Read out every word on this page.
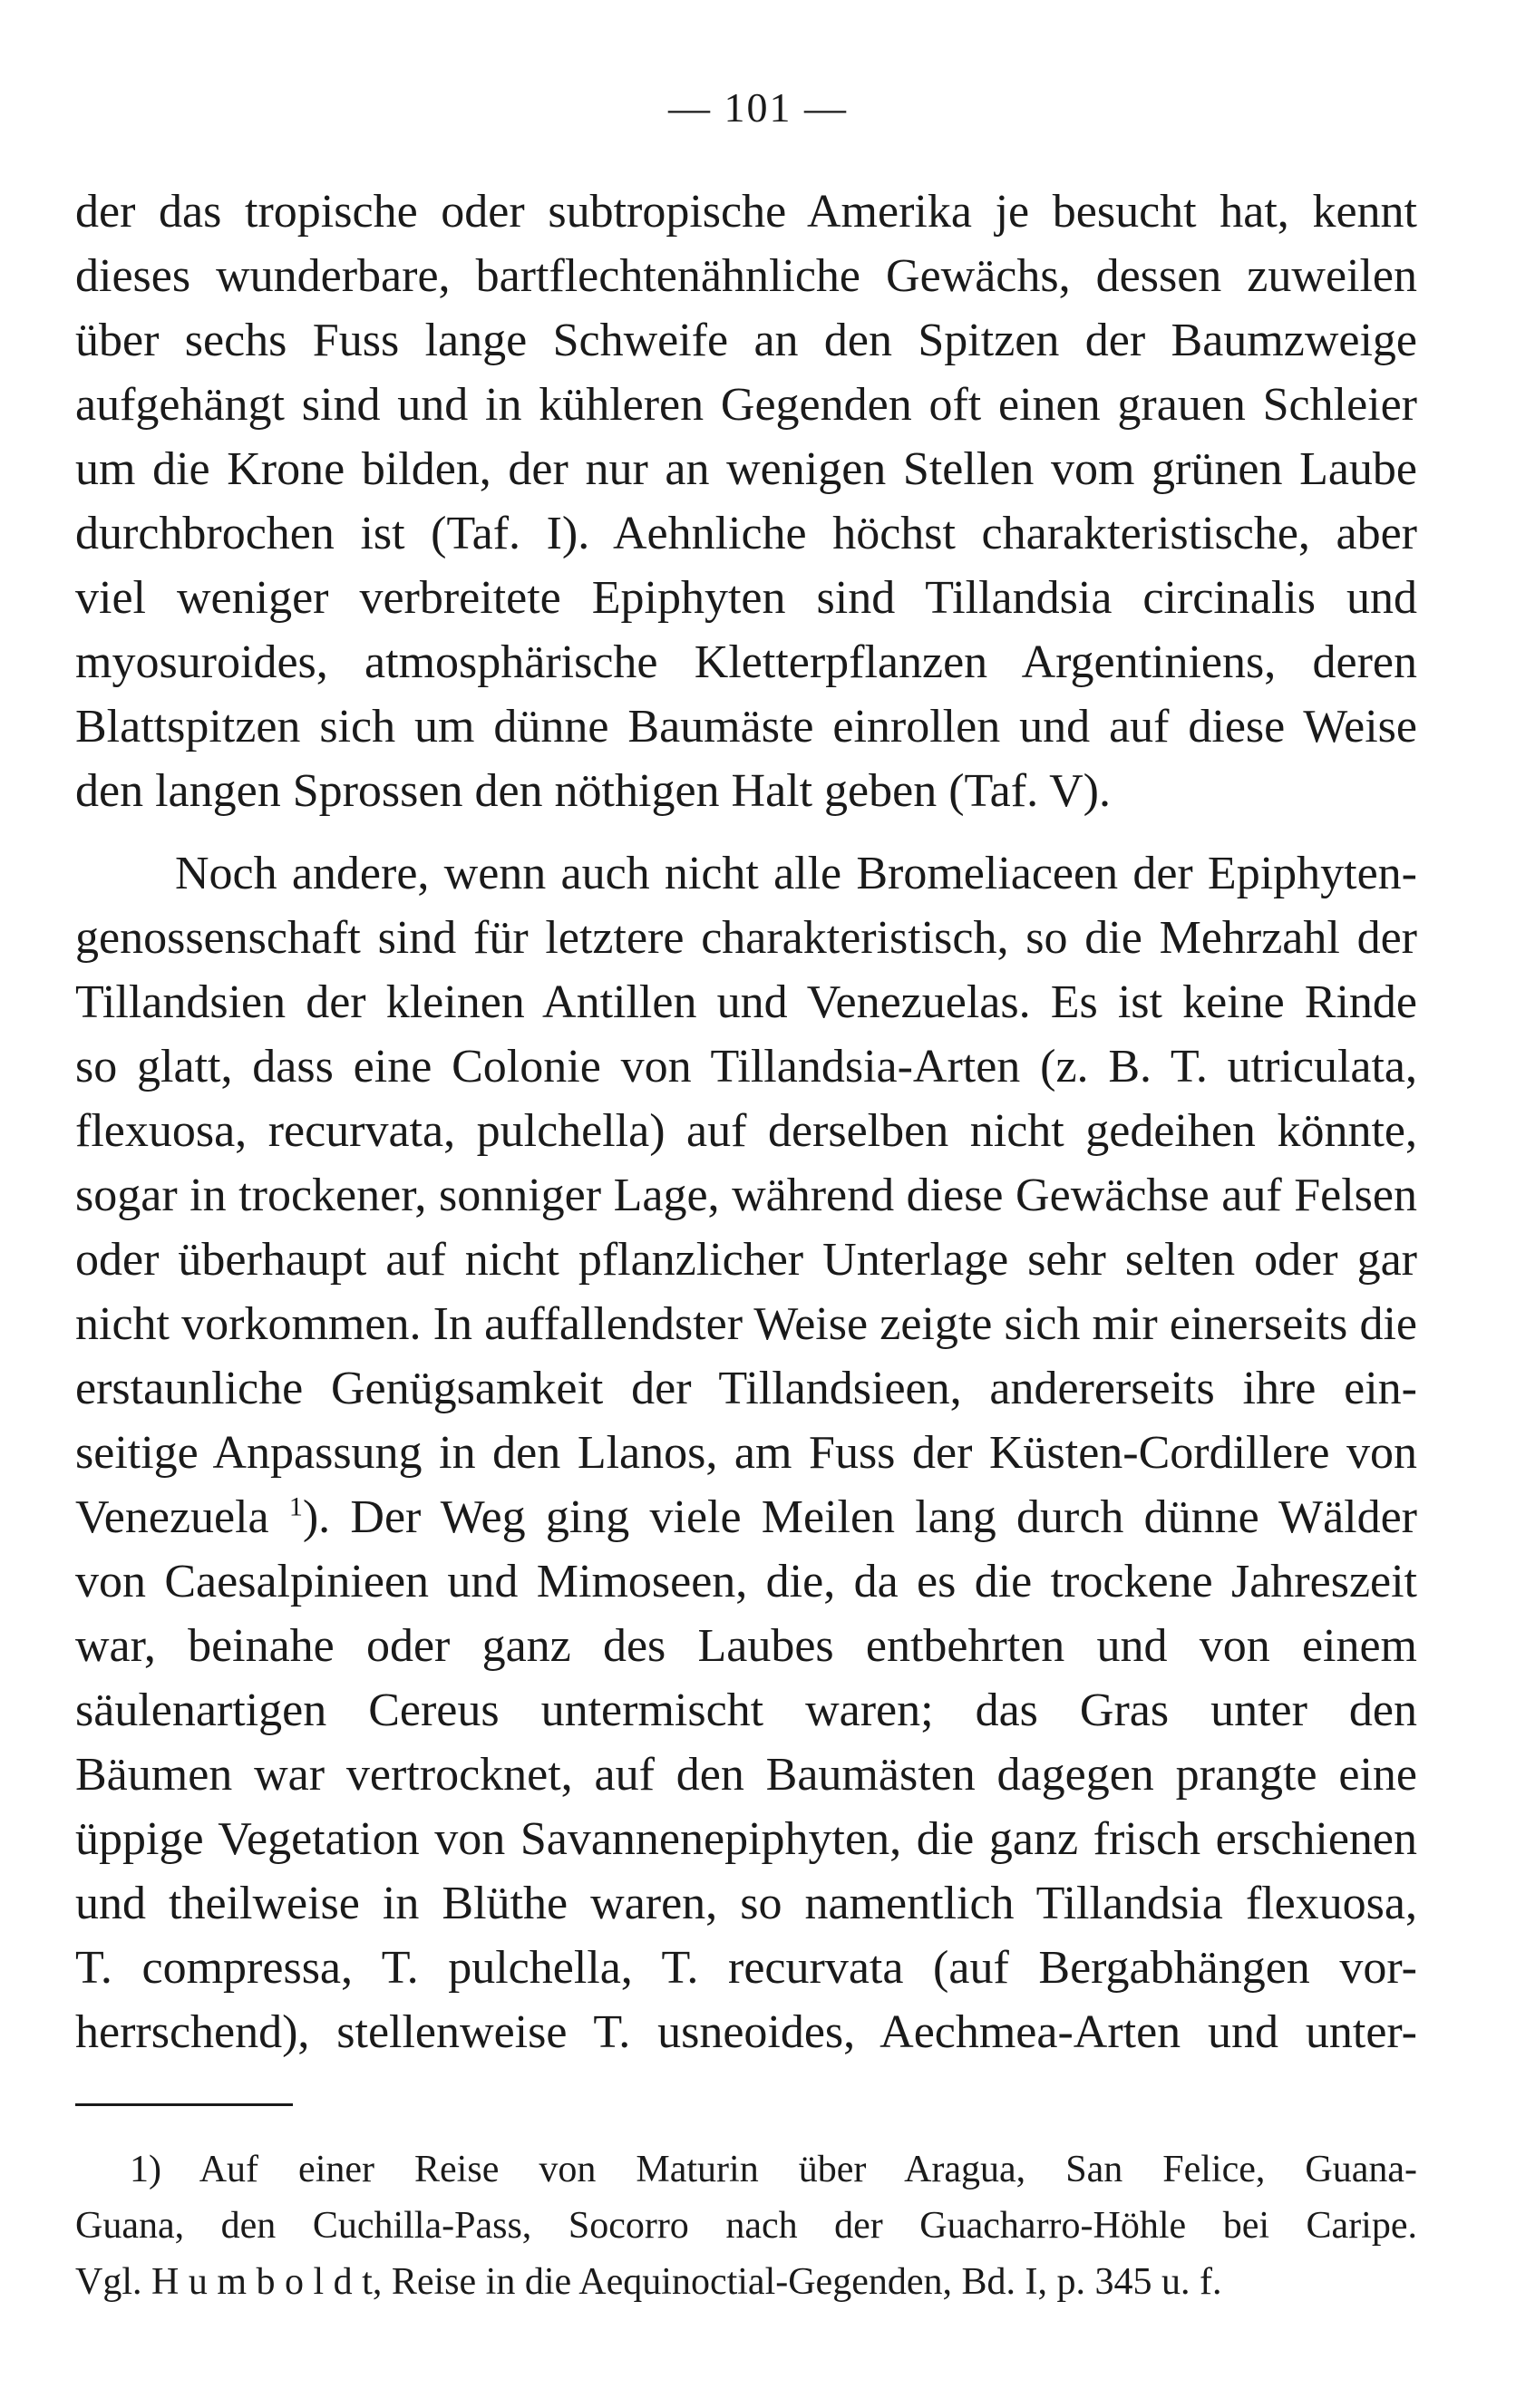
— 101 —
der das tropische oder subtropische Amerika je besucht hat, kennt
dieses wunderbare, bartflechtenähnliche Gewächs, dessen zuweilen
über sechs Fuss lange Schweife an den Spitzen der Baumzweige
aufgehängt sind und in kühleren Gegenden oft einen grauen Schleier
um die Krone bilden, der nur an wenigen Stellen vom grünen Laube
durchbrochen ist (Taf. I). Aehnliche höchst charakteristische, aber
viel weniger verbreitete Epiphyten sind Tillandsia circinalis und
myosuroides, atmosphärische Kletterpflanzen Argentiniens, deren
Blattspitzen sich um dünne Baumäste einrollen und auf diese Weise
den langen Sprossen den nöthigen Halt geben (Taf. V).
Noch andere, wenn auch nicht alle Bromeliaceen der Epiphyten-
genossenschaft sind für letztere charakteristisch, so die Mehrzahl der
Tillandsien der kleinen Antillen und Venezuelas. Es ist keine Rinde
so glatt, dass eine Colonie von Tillandsia-Arten (z. B. T. utriculata,
flexuosa, recurvata, pulchella) auf derselben nicht gedeihen könnte,
sogar in trockener, sonniger Lage, während diese Gewächse auf Felsen
oder überhaupt auf nicht pflanzlicher Unterlage sehr selten oder gar
nicht vorkommen. In auffallendster Weise zeigte sich mir einerseits die
erstaunliche Genügsamkeit der Tillandsieen, andererseits ihre ein-
seitige Anpassung in den Llanos, am Fuss der Küsten-Cordillere von
Venezuela $^1$). Der Weg ging viele Meilen lang durch dünne Wälder
von Caesalpinieen und Mimoseen, die, da es die trockene Jahreszeit
war, beinahe oder ganz des Laubes entbehrten und von einem
säulenartigen Cereus untermischt waren; das Gras unter den
Bäumen war vertrocknet, auf den Baumästen dagegen prangte eine
üppige Vegetation von Savannenepiphyten, die ganz frisch erschienen
und theilweise in Blüthe waren, so namentlich Tillandsia flexuosa,
T. compressa, T. pulchella, T. recurvata (auf Bergabhängen vor-
herrschend), stellenweise T. usneoides, Aechmea-Arten und unter-
1) Auf einer Reise von Maturin über Aragua, San Felice, Guana-
Guana, den Cuchilla-Pass, Socorro nach der Guacharro-Höhle bei Caripe.
Vgl. H u m b o l d t, Reise in die Aequinoctial-Gegenden, Bd. I, p. 345 u. f.
